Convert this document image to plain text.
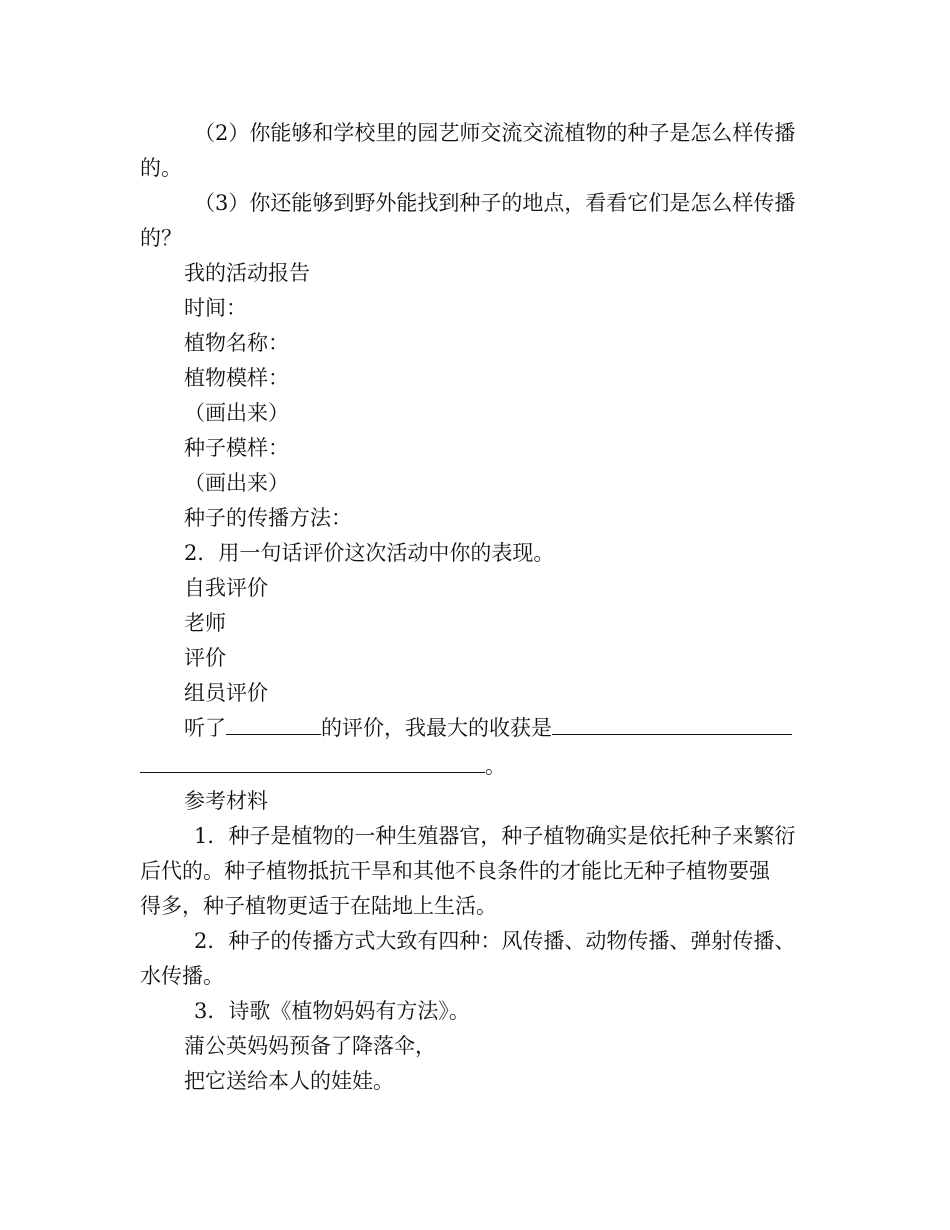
（2）你能够和学校里的园艺师交流交流植物的种子是怎么样传播
的。
（3）你还能够到野外能找到种子的地点，看看它们是怎么样传播
的？
我的活动报告
时间：
植物名称：
植物模样：
（画出来）
种子模样：
（画出来）
种子的传播方法：
2．用一句话评价这次活动中你的表现。
自我评价
老师
评价
组员评价
听了	的评价，我最大的收获是
。
参考材料
1．种子是植物的一种生殖器官，种子植物确实是依托种子来繁衍
后代的。种子植物抵抗干旱和其他不良条件的才能比无种子植物要强
得多，种子植物更适于在陆地上生活。
2．种子的传播方式大致有四种：风传播、动物传播、弹射传播、
水传播。
3．诗歌《植物妈妈有方法》。
蒲公英妈妈预备了降落伞，
把它送给本人的娃娃。
